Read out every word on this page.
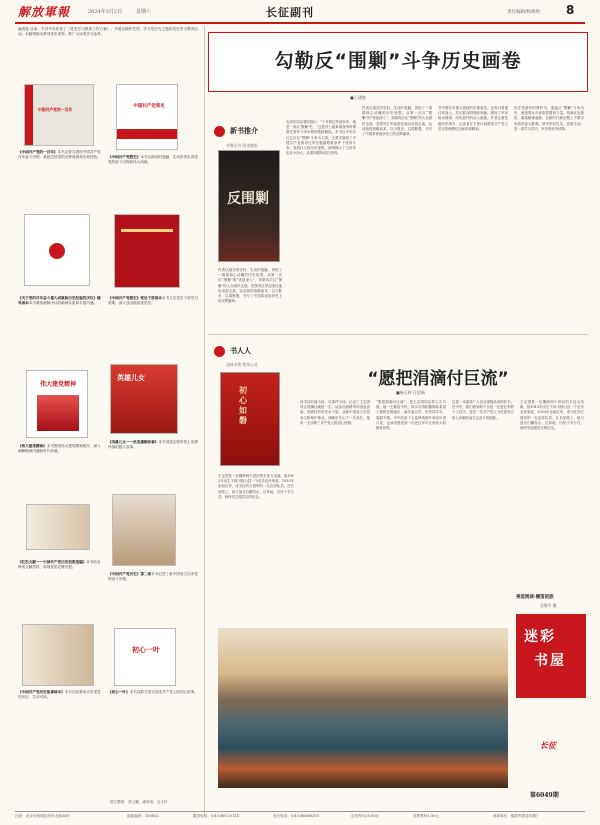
解放軍報	2024年3月2日	星期六	长征副刊	责任编辑/杨俊欣 8
编者按 目前，中共中央印发了《党史学习教育工作方案》，开展以缅怀先烈、学习党史为主题的党史学习教育活动。本版特推出系列党史读物，供广大读者学习参考。
中国共产党的一百年
中国共产党简史
《中国共产党的一百年》本书全景式展现中国共产党百年奋斗历程，系统总结党的光辉成就和宝贵经验。	《中国共产党简史》本书以简洁的笔触、生动的史实讲述党的奋斗历程和伟大成就。
《关于党的百年奋斗重大成就和历史经验的决议》辅导读本本书系统阐释决议的精神实质和丰富内涵。
《中国共产党简史》党员干部读本本书立足党员干部学习需要，深入浅出地讲述党史。
伟大建党精神
英雄儿女
《伟大建党精神》本书围绕伟大建党精神展开，深入阐释精神内涵和时代价值。
《英雄儿女——抗美援朝故事》本书讲述志愿军将士英勇作战的感人故事。
《红色文献——中国共产党历史档案选编》本书收录珍贵文献资料，再现党的光辉历程。
《中国共产党历史》第二卷本书记述了新中国成立以来党的奋斗历程。
初心一叶
《中国共产党历史故事读本》本书以故事形式讲述党的历史，生动可读。
《初心一叶》本书以散文形式讲述共产党人的初心故事。
图文整理：蔡云鹏、潘美琪、汉文轩
勾勒反“围剿”斗争历史画卷
■王建強
新书推介
书海泛舟 阅读感悟
反围剿
毛泽东同志曾经指出：“十年的红军战争史，就是一部反‘围剿’史。”这是对土地革命战争时期我党我军斗争历程的精辟概括。本书以中央苏区五次反“围剿”斗争为主线，全景式展现了中国共产党领导红军在极端艰难条件下坚持斗争、发展壮大的历史进程，深刻揭示了人民军队从小到大、从弱到强的成长密码。
作者以翔实的史料、生动的笔触，再现了一幕幕惊心动魄的历史场景。从第一次反“围剿”的“诱敌深入”，到第四次反“围剿”的大兵团伏击战，党领导红军创造性地运用游击战、运动战的战略战术，以少胜多、以弱胜强，书写了中国革命战争史上的光辉篇章。
书中既有对重大战役的宏观叙述，也有对普通红军战士、苏区群众的细致刻画，展现了军民鱼水情深、同仇敌忾的动人画面。作者注重挖掘历史细节，让读者在字里行间感悟共产党人坚定的理想信念和革命精神。
历史是最好的教科书。重温反“围剿”斗争历史，就是要从中汲取智慧和力量，传承红色基因，赓续精神血脉，在新时代新征程上不断夺取新的更大胜利。该书史料扎实、叙事生动，是一部学习党史、军史的优秀读物。
作者以翔实的史料、生动的笔触，再现了一幕幕惊心动魄的历史场景。从第一次反“围剿”的“诱敌深入”，到第四次反“围剿”的大兵团伏击战，党领导红军创造性地运用游击战、运动战的战略战术，以少胜多、以弱胜强，书写了中国革命战争史上的光辉篇章。
书人人
品味书香 悦享心灵
“愿把涓滴付巨流”
■杨玉辉 汪思新
初心如磐
王定国是一位横跨两个世纪的长征女英雄。她1913年出生于四川营山县一个贫苦农民家庭，1933年参加红军，成为红四方面军的一名宣传队员。在长征路上，她与战友们翻雪山、过草地，历经千辛万苦，始终坚定跟党走的信念。
该书以时间为经、以事件为纬，记录了王定国同志波澜壮阔的一生。从参加西路军的浴血奋战，到被俘后的坚贞不屈；从新中国成立后投身文物保护事业，到晚年关心下一代成长，她用一生诠释了共产党人的初心使命。
“愿把涓滴付巨流”，是王定国同志的人生写照。她一生勤俭节约，却多次将积蓄捐给希望工程和贫困地区；她年逾百岁，仍坚持学习、笔耕不辍。书中收录了大量珍贵照片和亲历者口述，让读者感受到一位老红军平凡而伟大的精神世界。
这是一本值得广大官兵细细品读的好书。在书中，我们看到的不仅是一位老红军的个人经历，更是一代共产党人为民族独立和人民解放而矢志奋斗的缩影。
王定国是一位横跨两个世纪的长征女英雄。她1913年出生于四川营山县一个贫苦农民家庭，1933年参加红军，成为红四方面军的一名宣传队员。在长征路上，她与战友们翻雪山、过草地，历经千辛万苦，始终坚定跟党走的信念。
视觉阅读·横笛的旅
吴海军 摄
迷彩
书屋
长征
第6049期
社址：北京市西城区西外大街34号	邮政编码：100832	服务电话：(010)66720114	发行电话：(010)66566350	定价每月29.80元	零售每份1.00元	承印单位：解放军报社印刷厂
